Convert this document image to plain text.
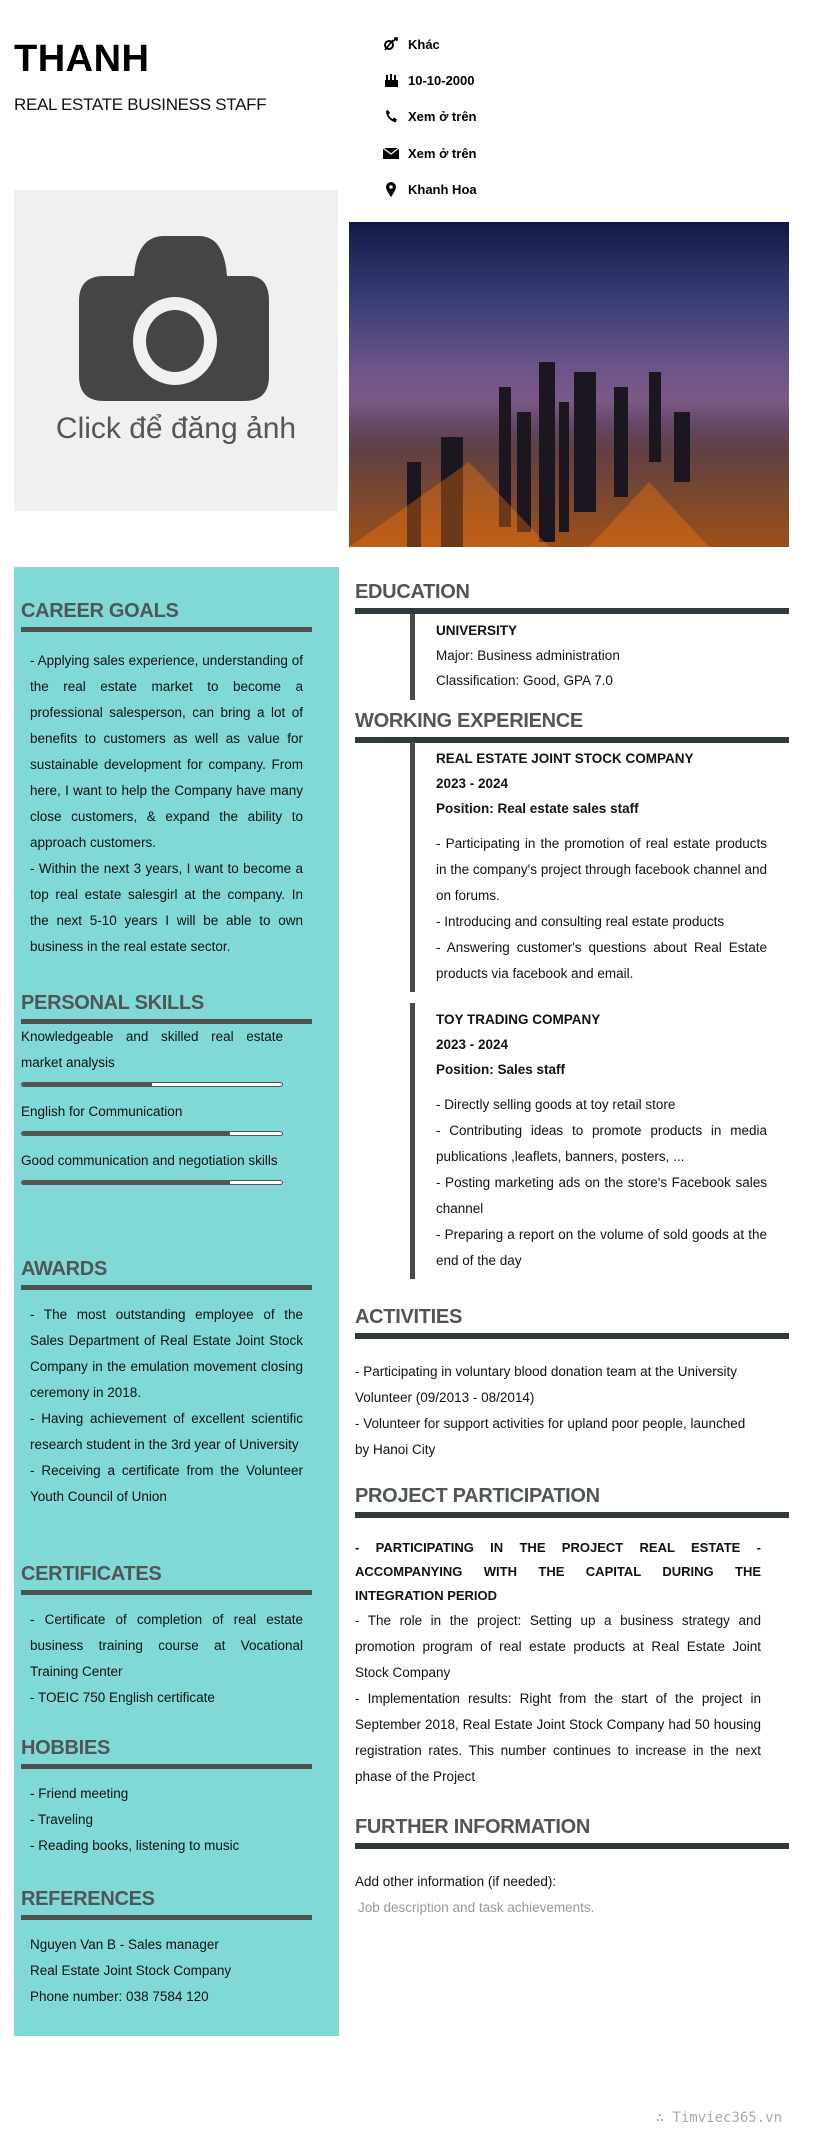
THANH
REAL ESTATE BUSINESS STAFF
Khác
10-10-2000
Xem ở trên
Xem ở trên
Khanh Hoa
Click để đăng ảnh
CAREER GOALS

- Applying sales experience, understanding of the real estate market to become a professional salesperson, can bring a lot of benefits to customers as well as value for sustainable development for company. From here, I want to help the Company have many close customers, & expand the ability to approach customers.

- Within the next 3 years, I want to become a top real estate salesgirl at the company. In the next 5-10 years I will be able to own business in the real estate sector.

PERSONAL SKILLS
Knowledgeable and skilled real estate market analysis
English for Communication
Good communication and negotiation skills
AWARDS

- The most outstanding employee of the Sales Department of Real Estate Joint Stock Company in the emulation movement closing ceremony in 2018.

- Having achievement of excellent scientific research student in the 3rd year of University

- Receiving a certificate from the Volunteer Youth Council of Union

CERTIFICATES

- Certificate of completion of real estate business training course at Vocational Training Center

- TOEIC 750 English certificate

HOBBIES

- Friend meeting

- Traveling

- Reading books, listening to music

REFERENCES

Nguyen Van B - Sales manager

Real Estate Joint Stock Company

Phone number: 038 7584 120

EDUCATION
UNIVERSITY

Major: Business administration

Classification: Good, GPA 7.0

WORKING EXPERIENCE
REAL ESTATE JOINT STOCK COMPANY
2023 - 2024
Position: Real estate sales staff

- Participating in the promotion of real estate products in the company's project through facebook channel and on forums.

- Introducing and consulting real estate products

- Answering customer's questions about Real Estate products via facebook and email.

TOY TRADING COMPANY
2023 - 2024
Position: Sales staff

- Directly selling goods at toy retail store

- Contributing ideas to promote products in media publications ,leaflets, banners, posters, ...

- Posting marketing ads on the store's Facebook sales channel

- Preparing a report on the volume of sold goods at the end of the day

ACTIVITIES

- Participating in voluntary blood donation team at the University Volunteer (09/2013 - 08/2014)

- Volunteer for support activities for upland poor people, launched by Hanoi City

PROJECT PARTICIPATION

- PARTICIPATING IN THE PROJECT REAL ESTATE - ACCOMPANYING WITH THE CAPITAL DURING THE INTEGRATION PERIOD

- The role in the project: Setting up a business strategy and promotion program of real estate products at Real Estate Joint Stock Company

- Implementation results: Right from the start of the project in September 2018, Real Estate Joint Stock Company had 50 housing registration rates. This number continues to increase in the next phase of the Project

FURTHER INFORMATION

Add other information (if needed):

Job description and task achievements.

∴ Timviec365.vn
